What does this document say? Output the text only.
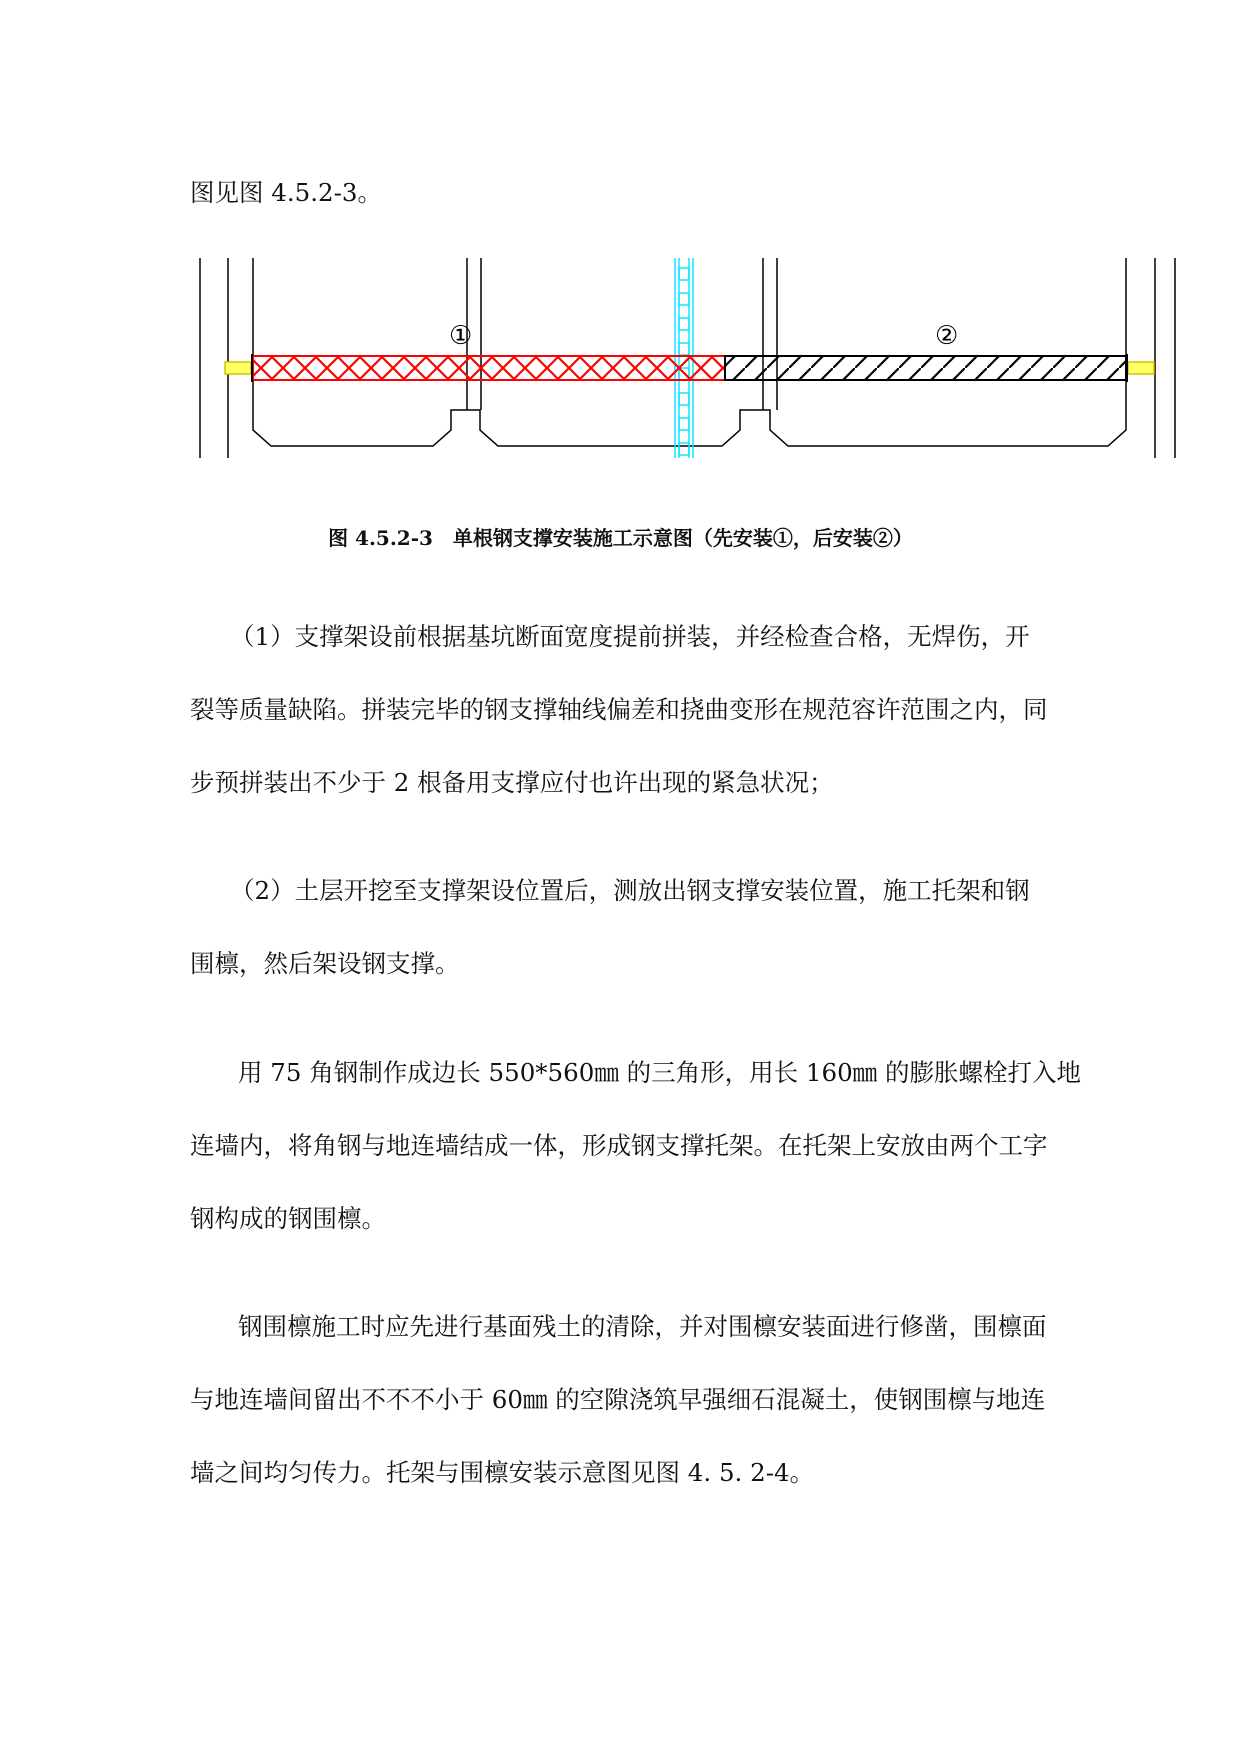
图见图 4.5.2-3。

①	②

图 4.5.2-3　单根钢支撑安装施工示意图（先安装①，后安装②）

（1）支撑架设前根据基坑断面宽度提前拼装，并经检查合格，无焊伤，开

裂等质量缺陷。拼装完毕的钢支撑轴线偏差和挠曲变形在规范容许范围之内，同

步预拼装出不少于 2 根备用支撑应付也许出现的紧急状况；

（2）土层开挖至支撑架设位置后，测放出钢支撑安装位置，施工托架和钢

围檩，然后架设钢支撑。

用 75 角钢制作成边长 550*560㎜ 的三角形，用长 160㎜ 的膨胀螺栓打入地

连墙内，将角钢与地连墙结成一体，形成钢支撑托架。在托架上安放由两个工字

钢构成的钢围檩。

钢围檩施工时应先进行基面残土的清除，并对围檩安装面进行修凿，围檩面

与地连墙间留出不不不小于 60㎜ 的空隙浇筑早强细石混凝土，使钢围檩与地连

墙之间均匀传力。托架与围檩安装示意图见图 4. 5. 2-4。
